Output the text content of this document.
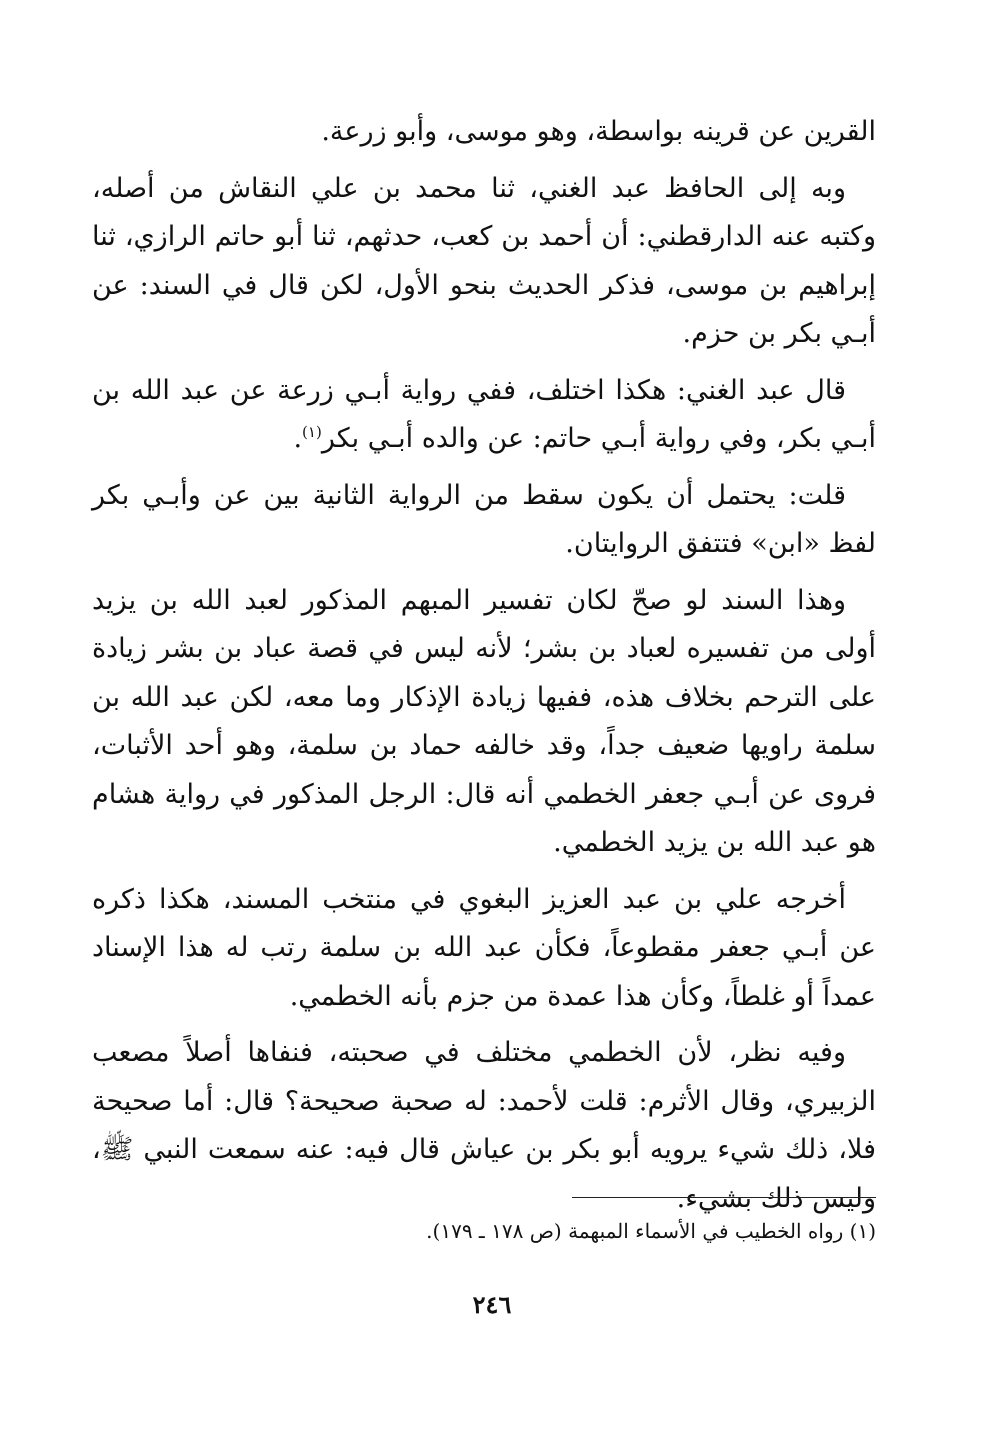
القرين عن قرينه بواسطة، وهو موسى، وأبو زرعة.

وبه إلى الحافظ عبد الغني، ثنا محمد بن علي النقاش من أصله، وكتبه عنه الدارقطني: أن أحمد بن كعب، حدثهم، ثنا أبو حاتم الرازي، ثنا إبراهيم بن موسى، فذكر الحديث بنحو الأول، لكن قال في السند: عن أبـي بكر بن حزم.

قال عبد الغني: هكذا اختلف، ففي رواية أبـي زرعة عن عبد الله بن أبـي بكر، وفي رواية أبـي حاتم: عن والده أبـي بكر$^{(١)}$.

قلت: يحتمل أن يكون سقط من الرواية الثانية بين عن وأبـي بكر لفظ «ابن» فتتفق الروايتان.

وهذا السند لو صحّ لكان تفسير المبهم المذكور لعبد الله بن يزيد أولى من تفسيره لعباد بن بشر؛ لأنه ليس في قصة عباد بن بشر زيادة على الترحم بخلاف هذه، ففيها زيادة الإذكار وما معه، لكن عبد الله بن سلمة راويها ضعيف جداً، وقد خالفه حماد بن سلمة، وهو أحد الأثبات، فروى عن أبـي جعفر الخطمي أنه قال: الرجل المذكور في رواية هشام هو عبد الله بن يزيد الخطمي.

أخرجه علي بن عبد العزيز البغوي في منتخب المسند، هكذا ذكره عن أبـي جعفر مقطوعاً، فكأن عبد الله بن سلمة رتب له هذا الإسناد عمداً أو غلطاً، وكأن هذا عمدة من جزم بأنه الخطمي.

وفيه نظر، لأن الخطمي مختلف في صحبته، فنفاها أصلاً مصعب الزبيري، وقال الأثرم: قلت لأحمد: له صحبة صحيحة؟ قال: أما صحيحة فلا، ذلك شيء يرويه أبو بكر بن عياش قال فيه: عنه سمعت النبي ﷺ، وليس ذلك بشيء.

(١) رواه الخطيب في الأسماء المبهمة (ص ١٧٨ ـ ١٧٩).
٢٤٦
